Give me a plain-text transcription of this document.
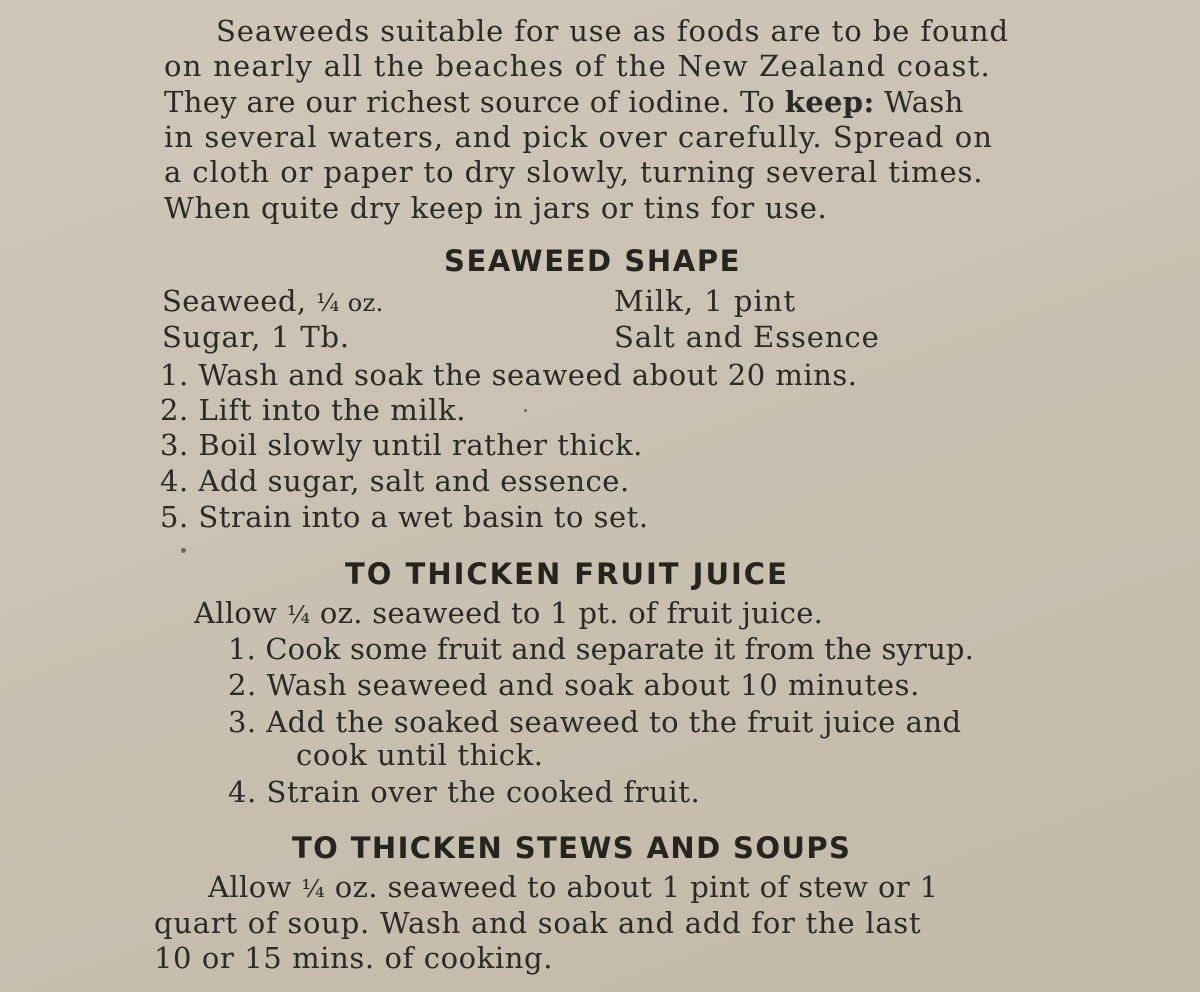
Seaweeds suitable for use as foods are to be found
on nearly all the beaches of the New Zealand coast.
They are our richest source of iodine. To keep: Wash
in several waters, and pick over carefully. Spread on
a cloth or paper to dry slowly, turning several times.
When quite dry keep in jars or tins for use.
SEAWEED SHAPE
Seaweed, ¼ oz.	Milk, 1 pint
Sugar, 1 Tb.	Salt and Essence
1. Wash and soak the seaweed about 20 mins.
2. Lift into the milk.
3. Boil slowly until rather thick.
4. Add sugar, salt and essence.
5. Strain into a wet basin to set.
TO THICKEN FRUIT JUICE
Allow ¼ oz. seaweed to 1 pt. of fruit juice.
1. Cook some fruit and separate it from the syrup.
2. Wash seaweed and soak about 10 minutes.
3. Add the soaked seaweed to the fruit juice and
cook until thick.
4. Strain over the cooked fruit.
TO THICKEN STEWS AND SOUPS
Allow ¼ oz. seaweed to about 1 pint of stew or 1
quart of soup. Wash and soak and add for the last
10 or 15 mins. of cooking.
